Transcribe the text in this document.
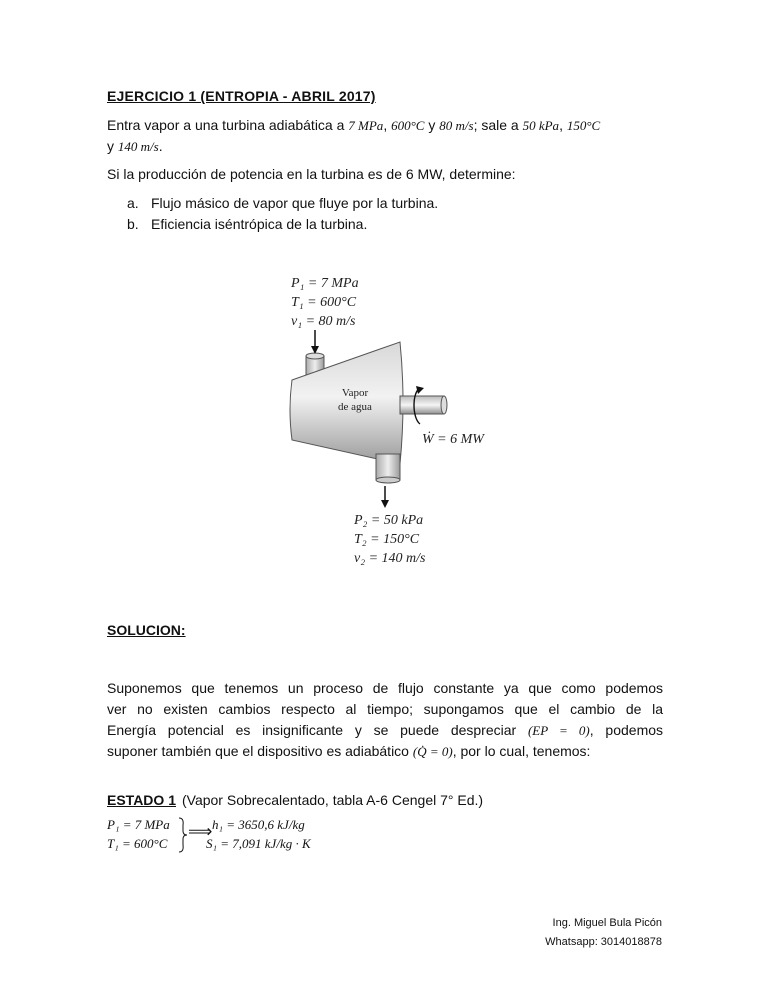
EJERCICIO 1 (ENTROPIA - ABRIL 2017)
Entra vapor a una turbina adiabática a 7 MPa, 600°C y 80 m/s; sale a 50 kPa, 150°C
y 140 m/s.
Si la producción de potencia en la turbina es de 6 MW, determine:
a. Flujo másico de vapor que fluye por la turbina.
b. Eficiencia iséntrópica de la turbina.
P₁ = 7 MPa
T₁ = 600°C
v₁ = 80 m/s
Vapor
de agua
Ẇ = 6 MW
P₂ = 50 kPa
T₂ = 150°C
v₂ = 140 m/s
SOLUCION:
Suponemos que tenemos un proceso de flujo constante ya que como podemos
ver no existen cambios respecto al tiempo; supongamos que el cambio de la
Energía potencial es insignificante y se puede despreciar (EP = 0), podemos
suponer también que el dispositivo es adiabático (Q̇ = 0), por lo cual, tenemos:
ESTADO 1 (Vapor Sobrecalentado, tabla A-6 Cengel 7° Ed.)
P₁ = 7 MPa
T₁ = 600°C
⟹ h₁ = 3650,6 kJ/kg
S₁ = 7,091 kJ/kg · K
Ing. Miguel Bula Picón
Whatsapp: 3014018878
